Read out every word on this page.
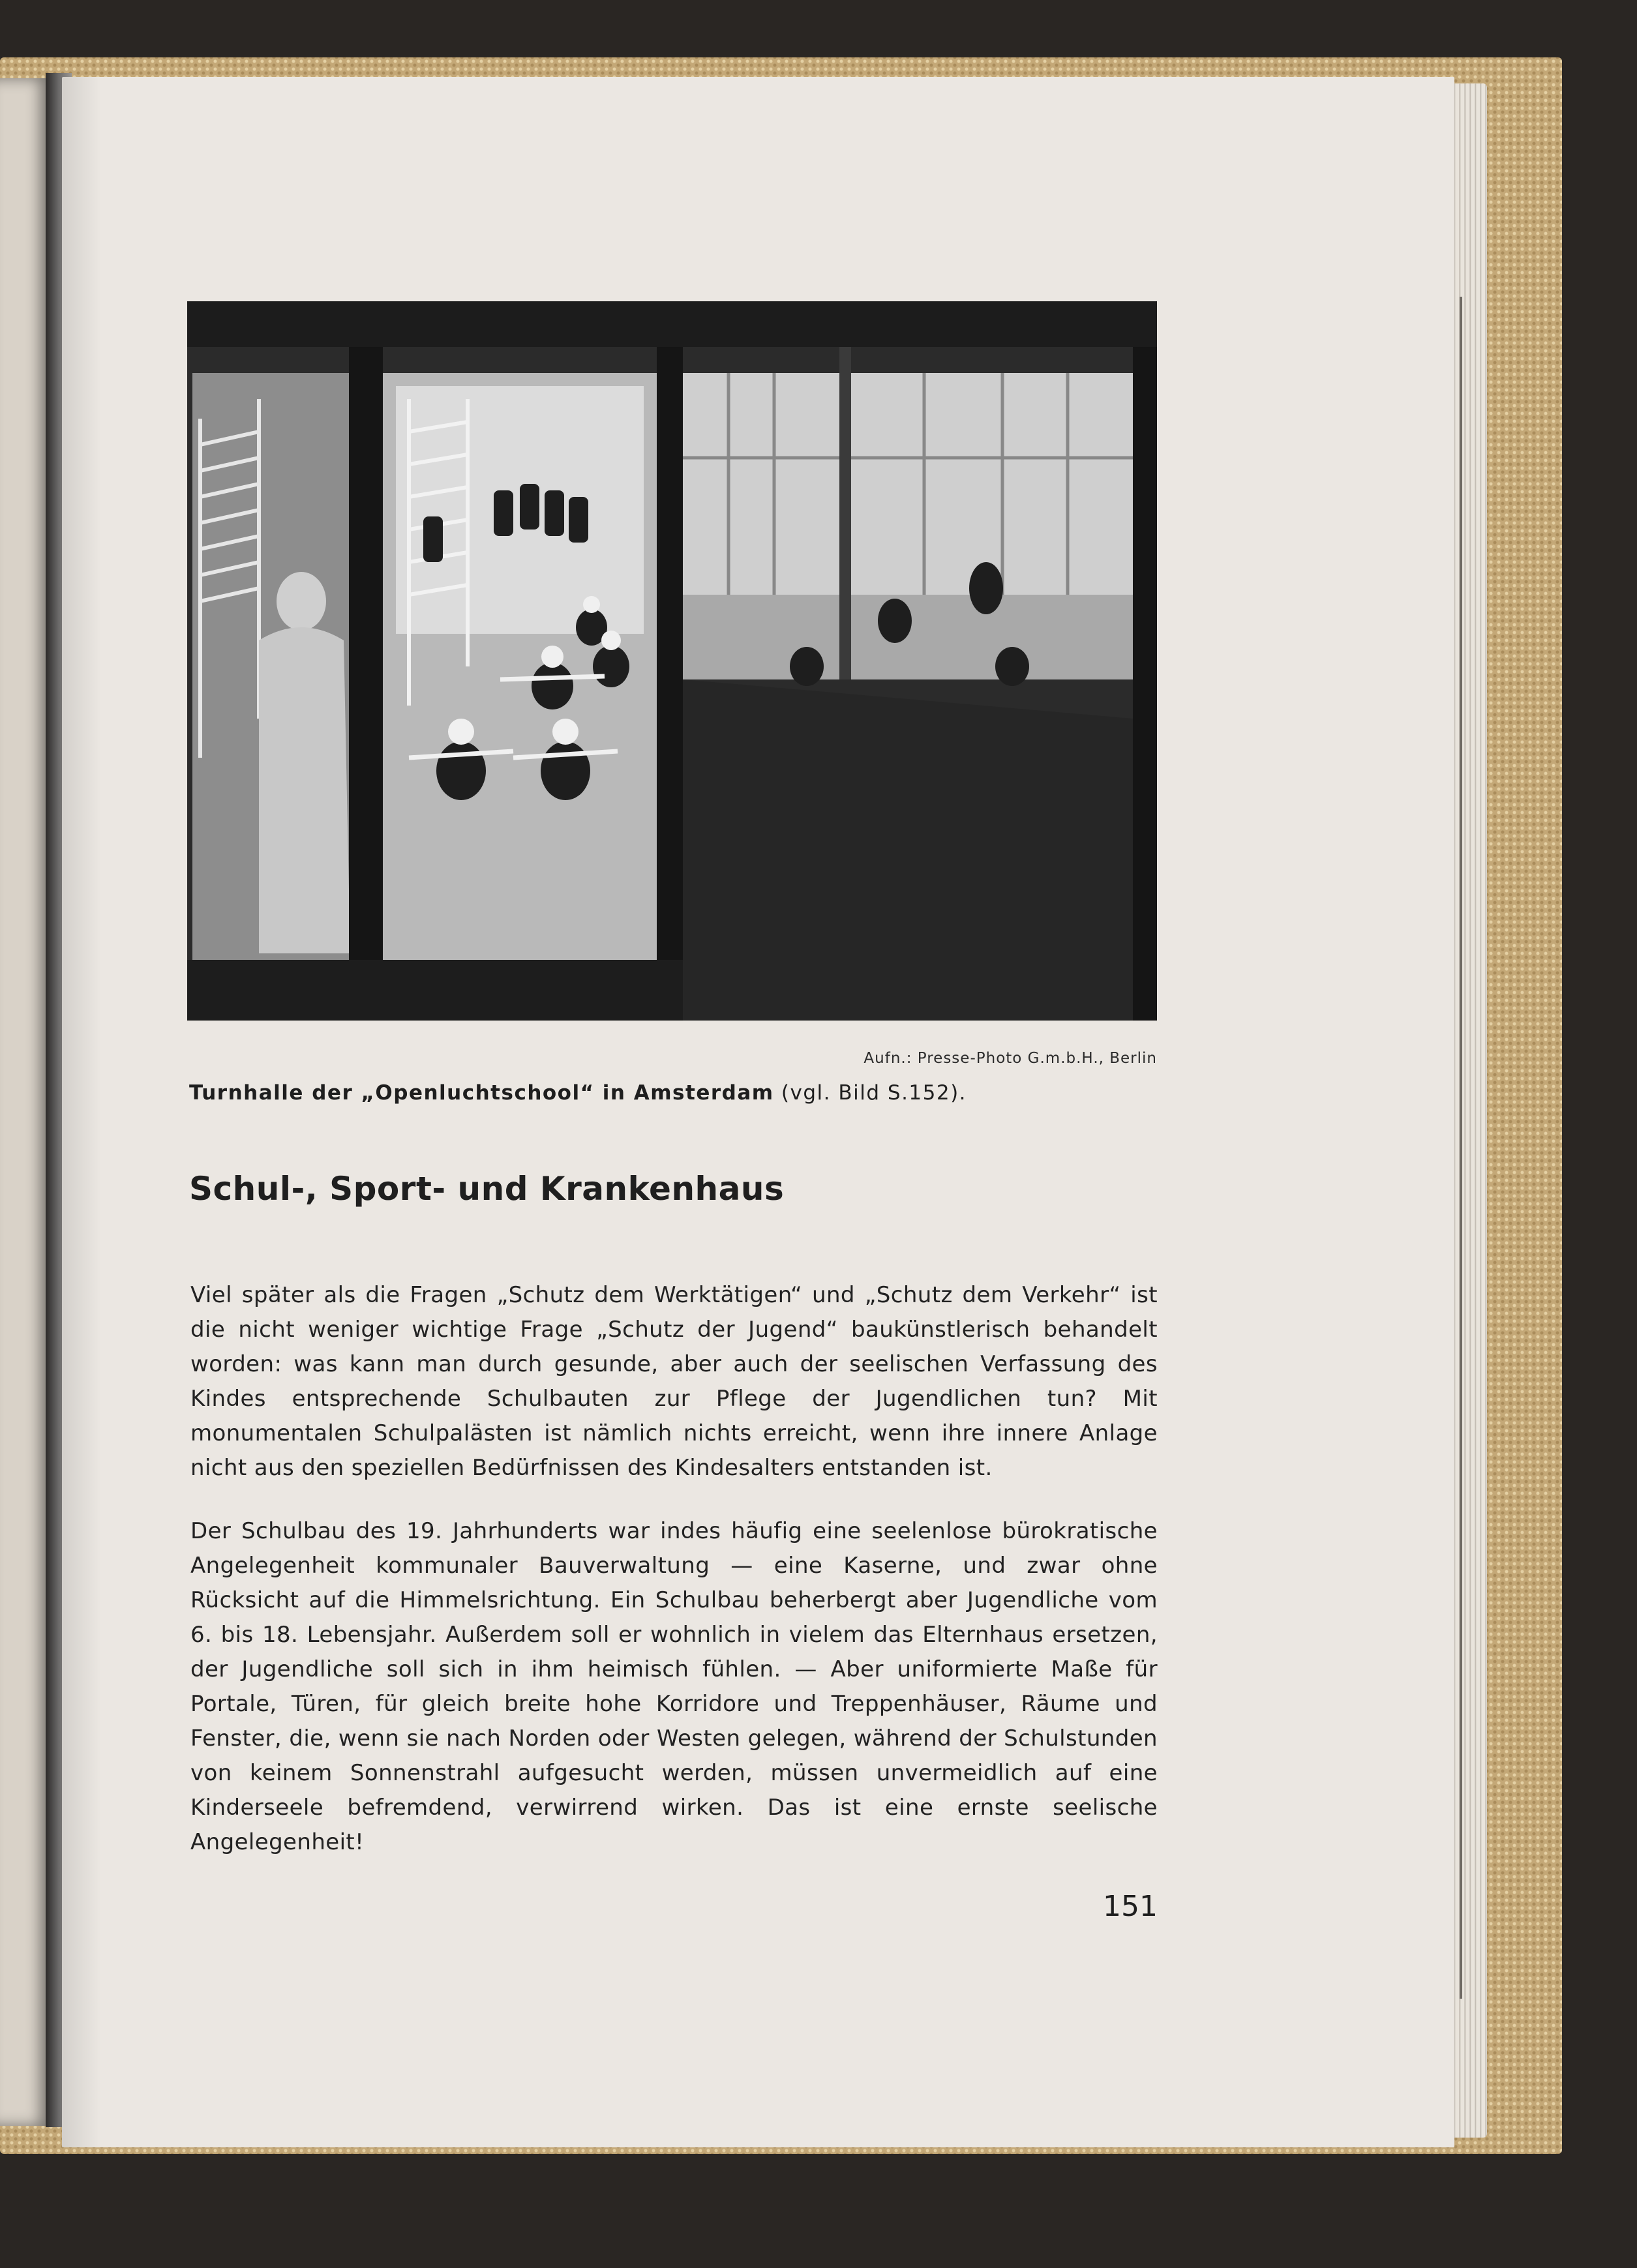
Aufn.: Presse-Photo G.m.b.H., Berlin
Turnhalle der „Openluchtschool“ in Amsterdam (vgl. Bild S.152).
Schul-, Sport- und Krankenhaus

Viel später als die Fragen „Schutz dem Werktätigen“ und „Schutz dem Verkehr“ ist die nicht weniger wichtige Frage „Schutz der Jugend“ baukünstlerisch behandelt worden: was kann man durch gesunde, aber auch der seelischen Verfassung des Kindes entsprechende Schulbauten zur Pflege der Jugendlichen tun? Mit monumentalen Schulpalästen ist nämlich nichts erreicht, wenn ihre innere Anlage nicht aus den speziellen Bedürfnissen des Kindesalters entstanden ist.

Der Schulbau des 19. Jahrhunderts war indes häufig eine seelenlose bürokratische Angelegenheit kommunaler Bauverwaltung — eine Kaserne, und zwar ohne Rücksicht auf die Himmelsrichtung. Ein Schulbau beherbergt aber Jugendliche vom 6. bis 18. Lebensjahr. Außerdem soll er wohnlich in vielem das Elternhaus ersetzen, der Jugendliche soll sich in ihm heimisch fühlen. — Aber uniformierte Maße für Portale, Türen, für gleich breite hohe Korridore und Treppenhäuser, Räume und Fenster, die, wenn sie nach Norden oder Westen gelegen, während der Schulstunden von keinem Sonnenstrahl aufgesucht werden, müssen unvermeidlich auf eine Kinderseele befremdend, verwirrend wirken. Das ist eine ernste seelische Angelegenheit!

151
